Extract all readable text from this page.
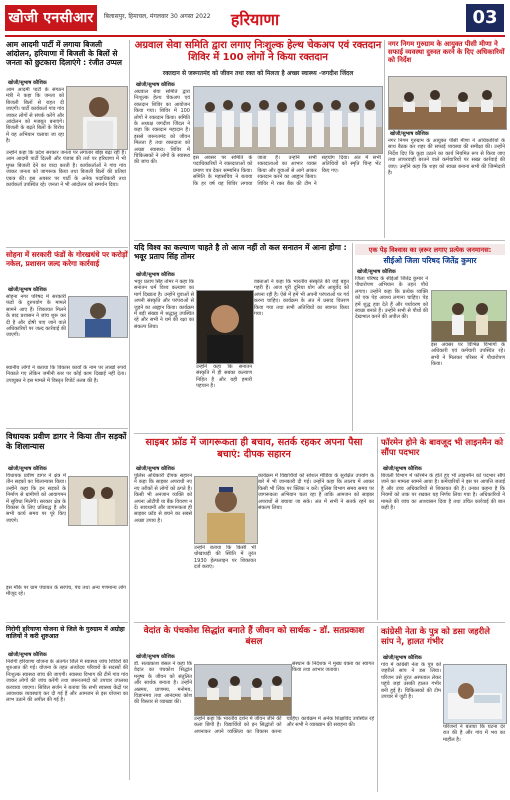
खोजी एनसीआर	बिलासपुर, हिमाचल, मंगलवार 30 अगस्त 2022	हरियाणा	03
आम आदमी पार्टी में लगाया बिजली आंदोलन, हरियाणा में बिजली के बिलों से जनता को छुटकारा दिलाएंगे : रंजीत उप्पल
खोजी/सुभाष कौशिक
आम आदमी पार्टी के संगठन मंत्री ने कहा कि जनता को बिजली बिलों से राहत दी जाएगी। पार्टी कार्यकर्ता गांव गांव जाकर लोगों से संपर्क करेंगे और आंदोलन को मजबूत बनाएंगे। बिजली के बढ़ते बिलों के विरोध में यह अभियान चलाया जा रहा है।
उन्होंने कहा कि प्रदेश सरकार जनता पर लगातार बोझ बढ़ा रही है। आम आदमी पार्टी दिल्ली और पंजाब की तर्ज पर हरियाणा में भी मुफ्त बिजली देने का वादा करती है। कार्यकर्ताओं ने गांव गांव जाकर जनता को जागरूक किया तथा बिजली बिलों की प्रतियां एकत्र कीं। इस अवसर पर पार्टी के अनेक पदाधिकारी तथा कार्यकर्ता उपस्थित रहे। जनता ने भी आंदोलन को समर्थन दिया।
सोहना में सरकारी फंडों के गोरखधंधे पर करोड़ों नकेल, प्रशासन जल्द करेगा कार्रवाई
खोजी/सुभाष कौशिक
सोहना नगर परिषद में सरकारी फंडों के दुरुपयोग के मामले सामने आए हैं। शिकायत मिलने के बाद प्रशासन ने जांच शुरू कर दी है और दोषी पाए जाने वाले अधिकारियों पर जल्द कार्रवाई की जाएगी।
स्थानीय लोगों ने बताया कि विकास कार्यों के नाम पर लाखों रुपये निकाले गए लेकिन जमीनी स्तर पर कोई काम दिखाई नहीं देता। उपायुक्त ने इस मामले में विस्तृत रिपोर्ट तलब की है।
विधायक प्रवीण डागर ने किया तीन सड़कों के शिलान्यास
खोजी/सुभाष कौशिक
विधायक प्रवीण डागर ने क्षेत्र में तीन सड़कों का शिलान्यास किया। उन्होंने कहा कि इन सड़कों के निर्माण से ग्रामीणों को आवागमन में सुविधा मिलेगी। सरकार क्षेत्र के विकास के लिए प्रतिबद्ध है और सभी कार्य समय पर पूरे किए जाएंगे।
इस मौके पर ग्राम पंचायत के सरपंच, पंच तथा अन्य गणमान्य लोग मौजूद रहे।
निरोगी हरियाणा योजना से जिले के गुरुग्राम में अग्रोहा वालियों ने करी शुरुआत
खोजी/सुभाष कौशिक
निरोगी हरियाणा योजना के अंतर्गत जिले में स्वास्थ्य जांच शिविरों की शुरुआत की गई। योजना के तहत अंत्योदय परिवारों के सदस्यों की निःशुल्क स्वास्थ्य जांच की जाएगी। स्वास्थ्य विभाग की टीमें गांव गांव जाकर लोगों की जांच करेंगी तथा जरूरतमंदों को उपचार उपलब्ध करवाया जाएगा। सिविल सर्जन ने बताया कि सभी स्वास्थ्य केंद्रों पर आवश्यक व्यवस्थाएं कर दी गई हैं और आमजन से इस योजना का लाभ उठाने की अपील की गई है।
अग्रवाल सेवा समिति द्वारा लगाए निःशुल्क हेल्थ चेकअप एवं रक्तदान शिविर में 100 लोगों ने किया रक्तदान
रक्तदान से जरूरतमंद को जीवन तथा रक्त को मिलता है अच्छा स्वास्थ्य -जगदीश जिंदल
खोजी/सुभाष कौशिक
अग्रवाल सेवा समिति द्वारा निःशुल्क हेल्थ चेकअप एवं रक्तदान शिविर का आयोजन किया गया। शिविर में 100 लोगों ने रक्तदान किया। समिति के अध्यक्ष जगदीश जिंदल ने कहा कि रक्तदान महादान है। इससे जरूरतमंद को जीवन मिलता है तथा रक्तदाता को अच्छा स्वास्थ्य। शिविर में चिकित्सकों ने लोगों के स्वास्थ्य की जांच की।
इस अवसर पर समिति के पदाधिकारियों ने रक्तदाताओं को प्रमाण पत्र देकर सम्मानित किया। समिति के महासचिव ने बताया कि हर वर्ष यह शिविर लगाया जाता है। उन्होंने सभी रक्तदाताओं का आभार व्यक्त किया और युवाओं से आगे आकर रक्तदान करने का आह्वान किया। शिविर में रक्त बैंक की टीम ने सहयोग दिया। अंत में सभी अतिथियों को स्मृति चिन्ह भेंट किए गए।
नगर निगम गुरुग्राम के आयुक्त पीसी मीणा ने सफाई व्यवस्था दुरुस्त करने के दिए अधिकारियों को निर्देश
खोजी/सुभाष कौशिक
नगर निगम गुरुग्राम के आयुक्त पीसी मीणा ने अधिकारियों के साथ बैठक कर शहर की सफाई व्यवस्था की समीक्षा की। उन्होंने निर्देश दिए कि कूड़ा उठाने का कार्य नियमित रूप से किया जाए तथा लापरवाही बरतने वाले कर्मचारियों पर सख्त कार्रवाई की जाए। उन्होंने कहा कि शहर को स्वच्छ बनाना सभी की जिम्मेदारी है।
यदि विश्व का कल्याण चाहते है तो आज नहीं तो कल सनातन में आना होगा : भवूर प्रताप सिंह तोमर
खोजी/सुभाष कौशिक
भवूर प्रताप सिंह तोमर ने कहा कि सनातन धर्म विश्व कल्याण का मार्ग दिखाता है। उन्होंने युवाओं से अपनी संस्कृति और परंपराओं से जुड़ने का आह्वान किया। कार्यक्रम में बड़ी संख्या में श्रद्धालु उपस्थित रहे और सभी ने धर्म की रक्षा का संकल्प लिया।
उन्होंने कहा कि सनातन संस्कृति में ही सबका कल्याण निहित है और यही हमारी पहचान है।
वक्ताओं ने कहा कि भारतीय संस्कृति की जड़ें बहुत गहरी हैं। आज पूरी दुनिया योग और आयुर्वेद को अपना रही है। ऐसे में हमें भी अपनी परंपराओं पर गर्व करना चाहिए। कार्यक्रम के अंत में प्रसाद वितरण किया गया तथा सभी अतिथियों का स्वागत किया गया।
एक पेड़ विश्वास का ज़रूर लगाए प्रत्येक जनमानस:
सीईओ जिला परिषद जितेंद्र कुमार
खोजी/सुभाष कौशिक
जिला परिषद के सीईओ जितेंद्र कुमार ने पौधारोपण अभियान के तहत पौधे लगाए। उन्होंने कहा कि प्रत्येक व्यक्ति को एक पेड़ अवश्य लगाना चाहिए। पेड़ हमें शुद्ध हवा देते हैं और पर्यावरण को स्वच्छ बनाते हैं। उन्होंने सभी से पौधों की देखभाल करने की अपील की।
इस अवसर पर विभिन्न विभागों के अधिकारी एवं कर्मचारी उपस्थित रहे। सभी ने मिलकर परिसर में पौधारोपण किया।
साइबर फ्रॉड में जागरूकता ही बचाव, सतर्क रहकर अपना पैसा बचाएं: दीपक सहारन
खोजी/सुभाष कौशिक
पुलिस अधिकारी दीपक सहारन ने कहा कि साइबर अपराधी नए नए तरीकों से लोगों को ठगते हैं। किसी भी अनजान व्यक्ति को अपना ओटीपी या बैंक विवरण न दें। सावधानी और जागरूकता ही साइबर फ्रॉड से बचने का सबसे अच्छा उपाय है।
उन्होंने बताया कि किसी भी धोखाधड़ी की स्थिति में तुरंत 1930 हेल्पलाइन पर शिकायत दर्ज कराएं।
कार्यक्रम में विद्यार्थियों को सोशल मीडिया के सुरक्षित उपयोग के बारे में भी जानकारी दी गई। उन्होंने कहा कि लालच में आकर किसी भी लिंक पर क्लिक न करें। पुलिस विभाग समय समय पर जागरूकता अभियान चला रहा है ताकि आमजन को साइबर अपराधों से बचाया जा सके। अंत में सभी ने सतर्क रहने का संकल्प लिया।
फॉरमेन होने के बावजूद भी लाइनमैन को सौंपा पदभार
खोजी/सुभाष कौशिक
बिजली विभाग में फॉरमेन के होते हुए भी लाइनमैन को पदभार सौंपे जाने का मामला सामने आया है। कर्मचारियों ने इस पर आपत्ति जताई है और उच्च अधिकारियों से शिकायत की है। उनका कहना है कि नियमों को ताक पर रखकर यह निर्णय लिया गया है। अधिकारियों ने मामले की जांच का आश्वासन दिया है तथा उचित कार्रवाई की बात कही है।
वेदांत के पंचकोश सिद्धांत बनाते हैं जीवन को सार्थक - डॉ. सतप्रकाश बंसल
खोजी/सुभाष कौशिक
डॉ. सतप्रकाश बंसल ने कहा कि वेदांत का पंचकोश सिद्धांत मनुष्य के जीवन को संतुलित और सार्थक बनाता है। उन्होंने अन्नमय, प्राणमय, मनोमय, विज्ञानमय तथा आनंदमय कोश की विस्तार से व्याख्या की।
उन्होंने कहा कि भारतीय दर्शन में जीवन जीने की कला छिपी है। विद्यार्थियों को इन सिद्धांतों को अपनाकर अपने व्यक्तित्व का विकास करना चाहिए। कार्यक्रम में अनेक शिक्षाविद उपस्थित रहे और सभी ने व्याख्यान की सराहना की।
संस्थान के निदेशक ने मुख्य वक्ता का स्वागत किया तथा आभार जताया।
कांग्रेसी नेता के पुत्र को डसा जहरीले सांप ने, हालत गंभीर
खोजी/सुभाष कौशिक
गांव में कांग्रेसी नेता के पुत्र को जहरीले सांप ने डस लिया। परिजन उसे तुरंत अस्पताल लेकर पहुंचे जहां उसकी हालत गंभीर बनी हुई है। चिकित्सकों की टीम उपचार में जुटी है।
परिजनों ने बताया कि घटना देर रात की है और गांव में भय का माहौल है।
